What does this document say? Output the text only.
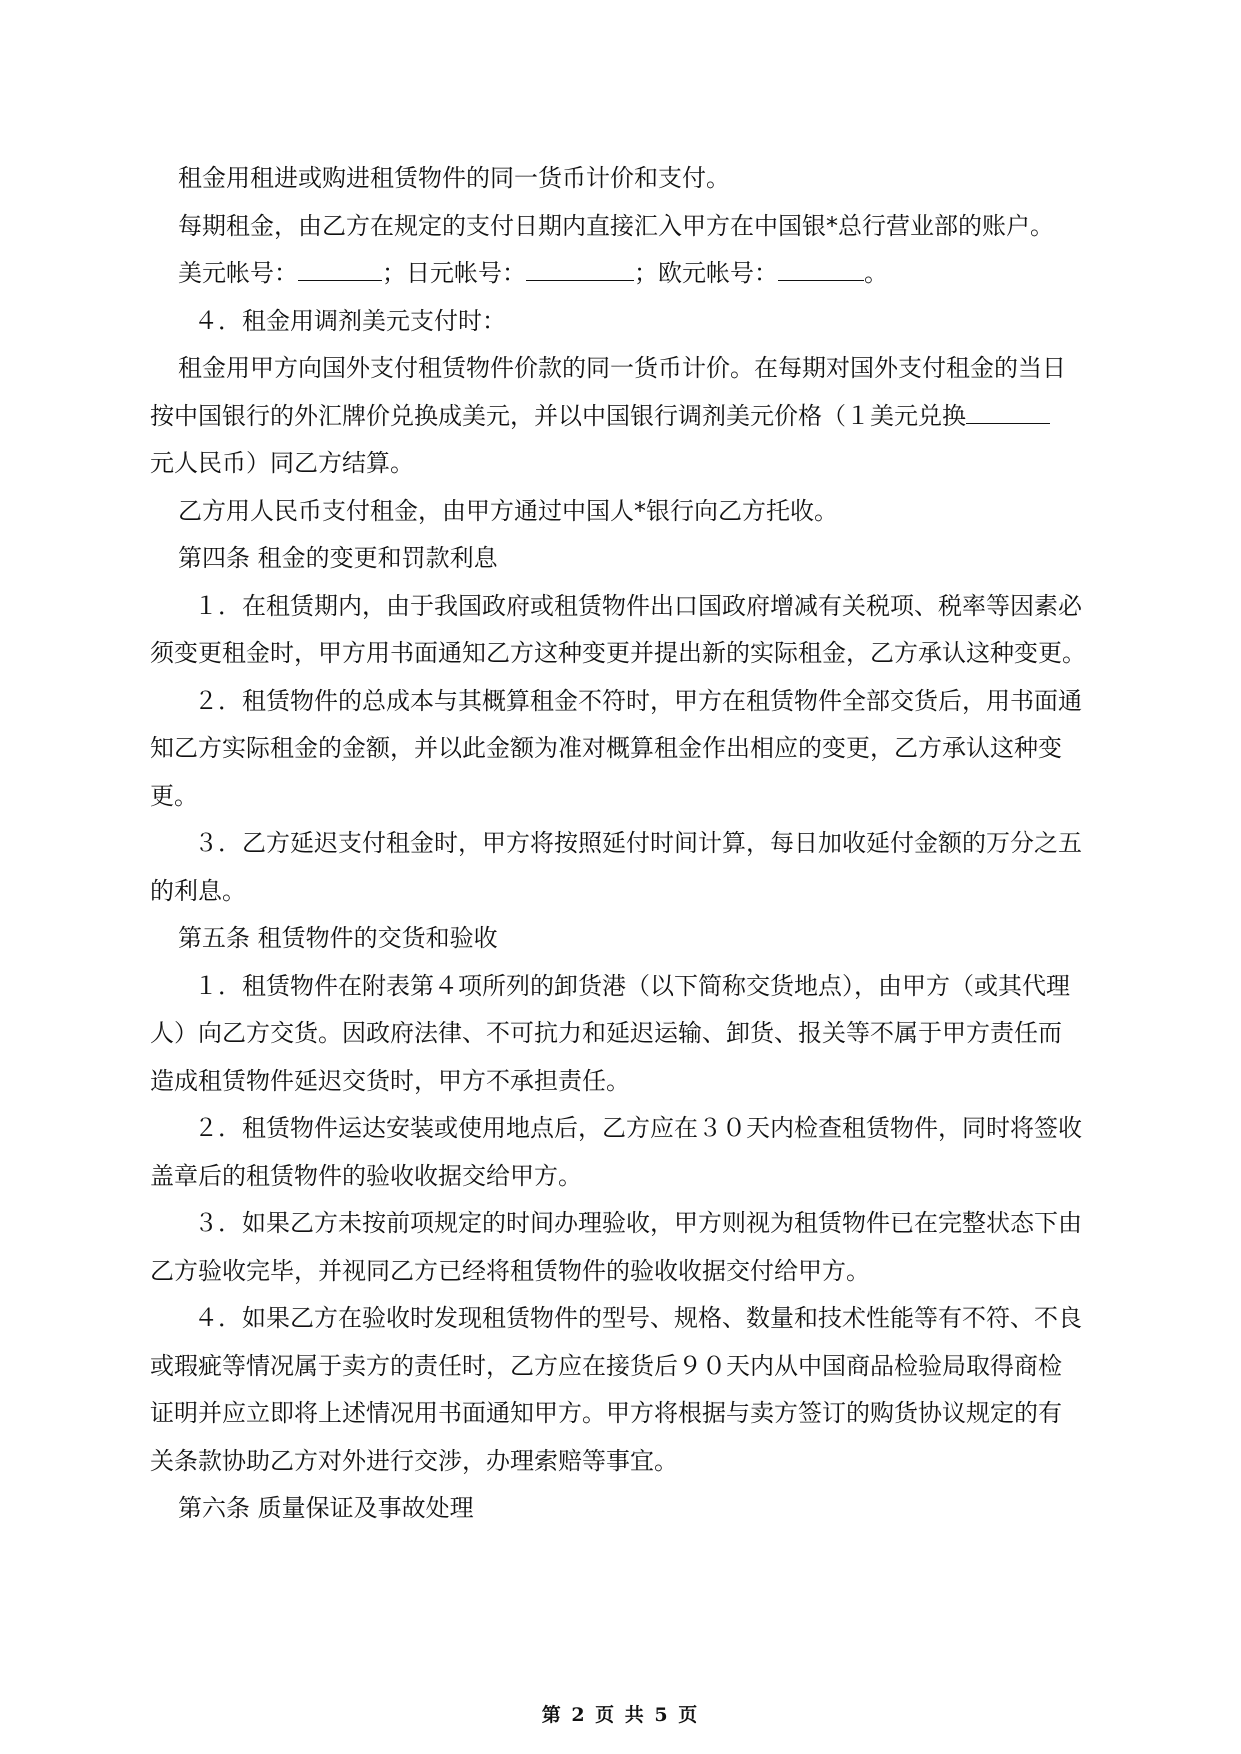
租金用租进或购进租赁物件的同一货币计价和支付。
每期租金，由乙方在规定的支付日期内直接汇入甲方在中国银*总行营业部的账户。
美元帐号：	；日元帐号：	；欧元帐号：	。
４．租金用调剂美元支付时：
租金用甲方向国外支付租赁物件价款的同一货币计价。在每期对国外支付租金的当日
按中国银行的外汇牌价兑换成美元，并以中国银行调剂美元价格（１美元兑换
元人民币）同乙方结算。
乙方用人民币支付租金，由甲方通过中国人*银行向乙方托收。
第四条 租金的变更和罚款利息
１．在租赁期内，由于我国政府或租赁物件出口国政府增减有关税项、税率等因素必
须变更租金时，甲方用书面通知乙方这种变更并提出新的实际租金，乙方承认这种变更。
２．租赁物件的总成本与其概算租金不符时，甲方在租赁物件全部交货后，用书面通
知乙方实际租金的金额，并以此金额为准对概算租金作出相应的变更，乙方承认这种变
更。
３．乙方延迟支付租金时，甲方将按照延付时间计算，每日加收延付金额的万分之五
的利息。
第五条 租赁物件的交货和验收
１．租赁物件在附表第４项所列的卸货港（以下简称交货地点），由甲方（或其代理
人）向乙方交货。因政府法律、不可抗力和延迟运输、卸货、报关等不属于甲方责任而
造成租赁物件延迟交货时，甲方不承担责任。
２．租赁物件运达安装或使用地点后，乙方应在３０天内检查租赁物件，同时将签收
盖章后的租赁物件的验收收据交给甲方。
３．如果乙方未按前项规定的时间办理验收，甲方则视为租赁物件已在完整状态下由
乙方验收完毕，并视同乙方已经将租赁物件的验收收据交付给甲方。
４．如果乙方在验收时发现租赁物件的型号、规格、数量和技术性能等有不符、不良
或瑕疵等情况属于卖方的责任时，乙方应在接货后９０天内从中国商品检验局取得商检
证明并应立即将上述情况用书面通知甲方。甲方将根据与卖方签订的购货协议规定的有
关条款协助乙方对外进行交涉，办理索赔等事宜。
第六条 质量保证及事故处理
第 2 页 共 5 页
